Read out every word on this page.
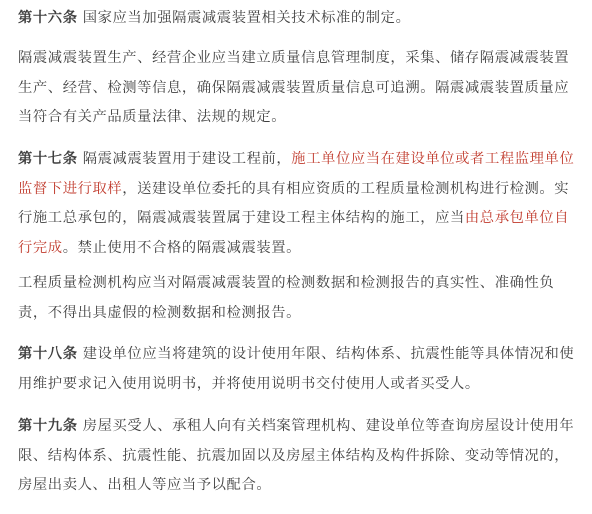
第十六条 国家应当加强隔震减震装置相关技术标准的制定。

隔震减震装置生产、经营企业应当建立质量信息管理制度，采集、储存隔震减震装置生产、经营、检测等信息，确保隔震减震装置质量信息可追溯。隔震减震装置质量应当符合有关产品质量法律、法规的规定。

第十七条 隔震减震装置用于建设工程前，施工单位应当在建设单位或者工程监理单位监督下进行取样，送建设单位委托的具有相应资质的工程质量检测机构进行检测。实行施工总承包的，隔震减震装置属于建设工程主体结构的施工，应当由总承包单位自行完成。禁止使用不合格的隔震减震装置。

工程质量检测机构应当对隔震减震装置的检测数据和检测报告的真实性、准确性负责，不得出具虚假的检测数据和检测报告。

第十八条 建设单位应当将建筑的设计使用年限、结构体系、抗震性能等具体情况和使用维护要求记入使用说明书，并将使用说明书交付使用人或者买受人。

第十九条 房屋买受人、承租人向有关档案管理机构、建设单位等查询房屋设计使用年限、结构体系、抗震性能、抗震加固以及房屋主体结构及构件拆除、变动等情况的，房屋出卖人、出租人等应当予以配合。
